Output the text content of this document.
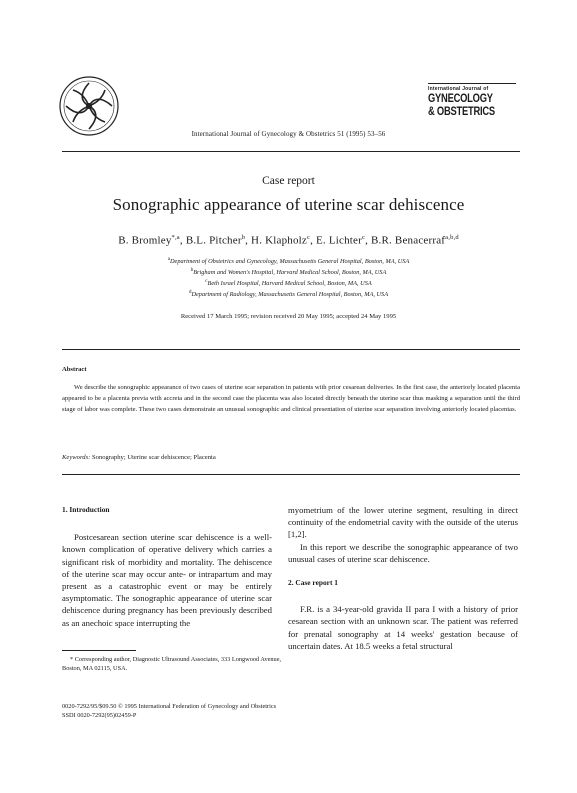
International Journal of Gynecology & Obstetrics 51 (1995) 53–56
International Journal of
GYNECOLOGY
& OBSTETRICS
Case report
Sonographic appearance of uterine scar dehiscence
B. Bromley$^{*,a}$, B.L. Pitcher$^b$, H. Klapholz$^c$, E. Lichter$^c$, B.R. Benacerraf$^{a,b,d}$
$^a$Department of Obstetrics and Gynecology, Massachusetts General Hospital, Boston, MA, USA
$^b$Brigham and Women's Hospital, Harvard Medical School, Boston, MA, USA
$^c$Beth Israel Hospital, Harvard Medical School, Boston, MA, USA
$^d$Department of Radiology, Massachusetts General Hospital, Boston, MA, USA
Received 17 March 1995; revision received 20 May 1995; accepted 24 May 1995
Abstract
We describe the sonographic appearance of two cases of uterine scar separation in patients with prior cesarean deliveries. In the first case, the anteriorly located placenta appeared to be a placenta previa with accreta and in the second case the placenta was also located directly beneath the uterine scar thus masking a separation until the third stage of labor was complete. These two cases demonstrate an unusual sonographic and clinical presentation of uterine scar separation involving anteriorly located placentas.
Keywords: Sonography; Uterine scar dehiscence; Placenta
1. Introduction

Postcesarean section uterine scar dehiscence is a well-known complication of operative delivery which carries a significant risk of morbidity and mortality. The dehiscence of the uterine scar may occur ante- or intrapartum and may present as a catastrophic event or may be entirely asymptomatic. The sonographic appearance of uterine scar dehiscence during pregnancy has been previously described as an anechoic space interrupting the

myometrium of the lower uterine segment, resulting in direct continuity of the endometrial cavity with the outside of the uterus [1,2].

In this report we describe the sonographic appearance of two unusual cases of uterine scar dehiscence.

2. Case report 1

F.R. is a 34-year-old gravida II para I with a history of prior cesarean section with an unknown scar. The patient was referred for prenatal sonography at 14 weeks' gestation because of uncertain dates. At 18.5 weeks a fetal structural

* Corresponding author, Diagnostic Ultrasound Associates, 333 Longwood Avenue, Boston, MA 02115, USA.
0020-7292/95/$09.50 © 1995 International Federation of Gynecology and Obstetrics
SSDI 0020-7292(95)02459-P
